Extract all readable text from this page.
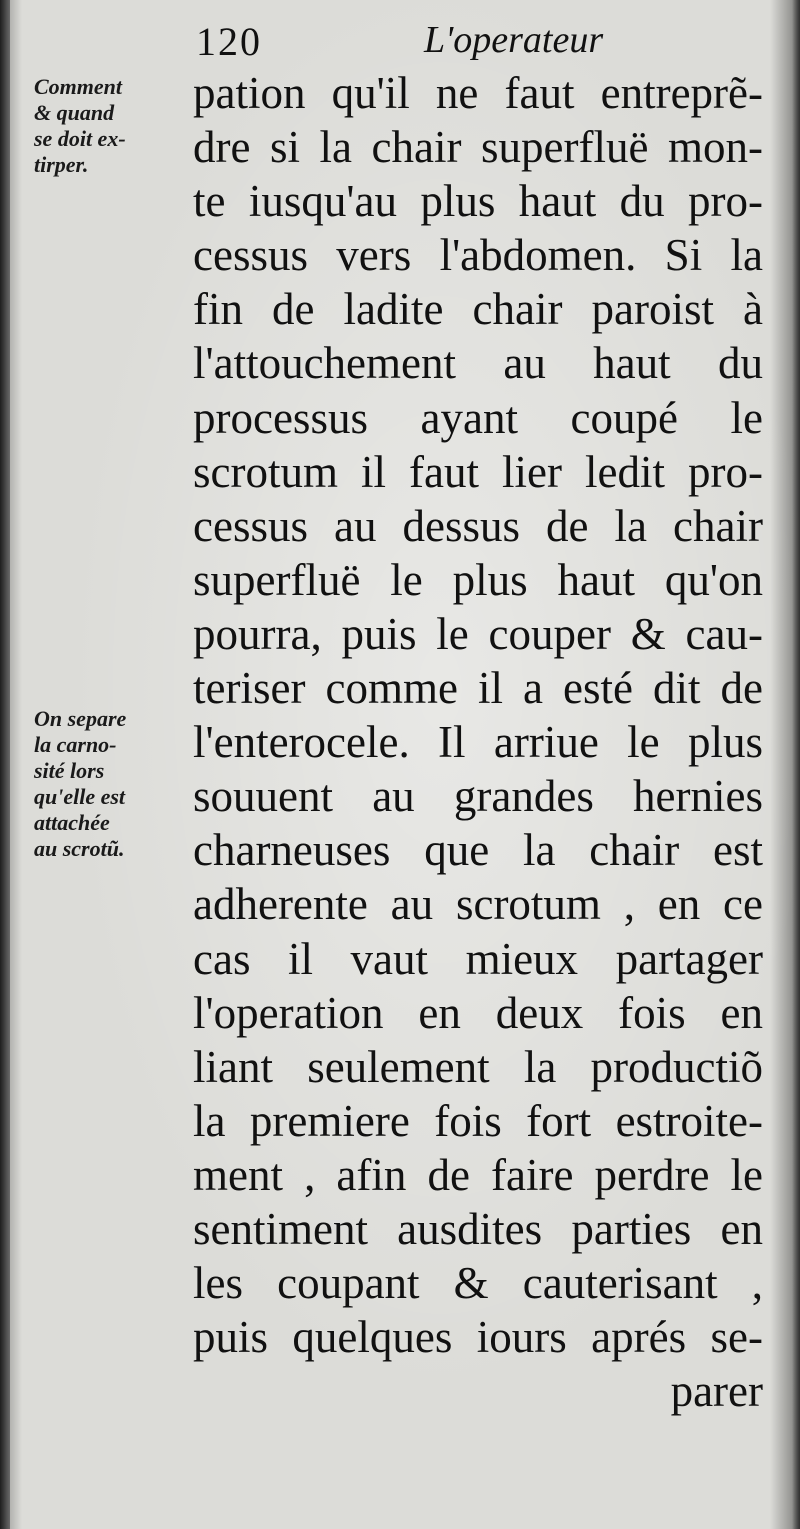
120	L'operateur
Comment
& quand
se doit ex-
tirper.
On separe
la carno-
sité lors
qu'elle est
attachée
au scrotũ.
pation qu'il ne faut entreprẽ-
dre si la chair superfluë mon-
te iusqu'au plus haut du pro-
cessus vers l'abdomen. Si la
fin de ladite chair paroist à
l'attouchement au haut du
processus ayant coupé le
scrotum il faut lier ledit pro-
cessus au dessus de la chair
superfluë le plus haut qu'on
pourra, puis le couper & cau-
teriser comme il a esté dit de
l'enterocele. Il arriue le plus
souuent au grandes hernies
charneuses que la chair est
adherente au scrotum , en ce
cas il vaut mieux partager
l'operation en deux fois en
liant seulement la productiõ
la premiere fois fort estroite-
ment , afin de faire perdre le
sentiment ausdites parties en
les coupant & cauterisant ,
puis quelques iours aprés se-
parer
